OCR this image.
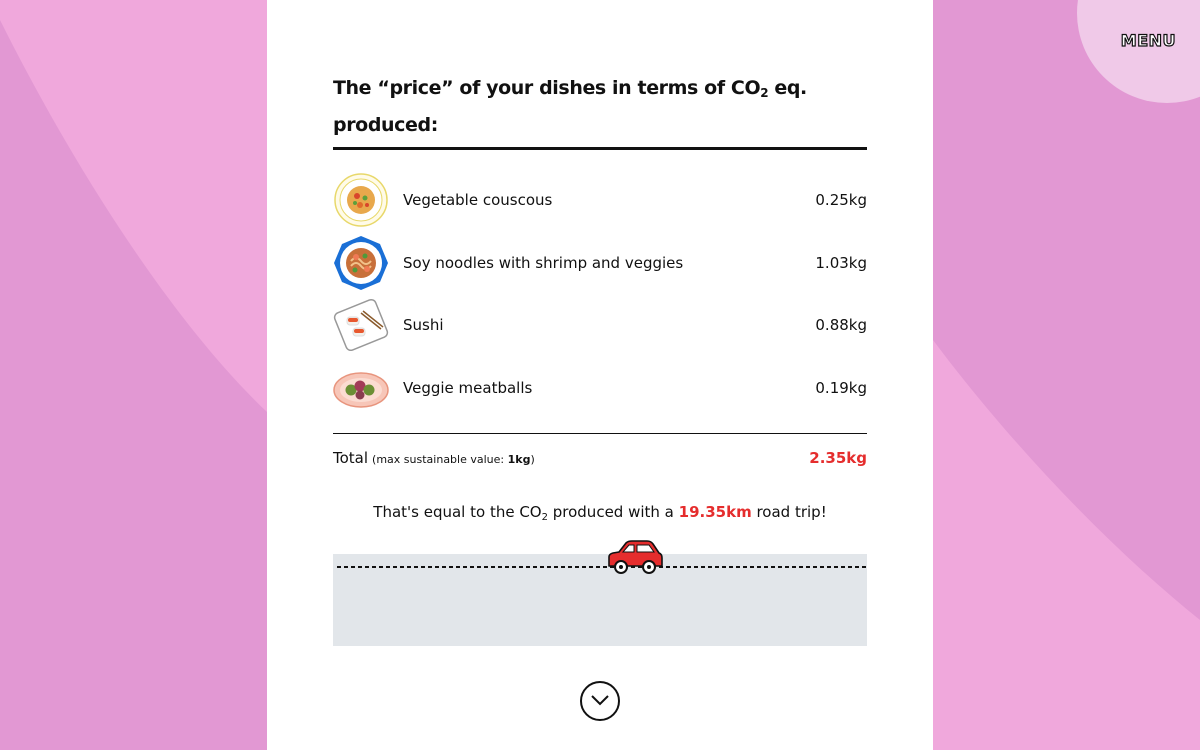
MENU
The “price” of your dishes in terms of $CO_2$ eq. produced:
Vegetable couscous	0.25kg
Soy noodles with shrimp and veggies	1.03kg
Sushi	0.88kg
Veggie meatballs	0.19kg
Total (max sustainable value: 1kg)	2.35kg

That's equal to the $CO_2$ produced with a 19.35km road trip!
